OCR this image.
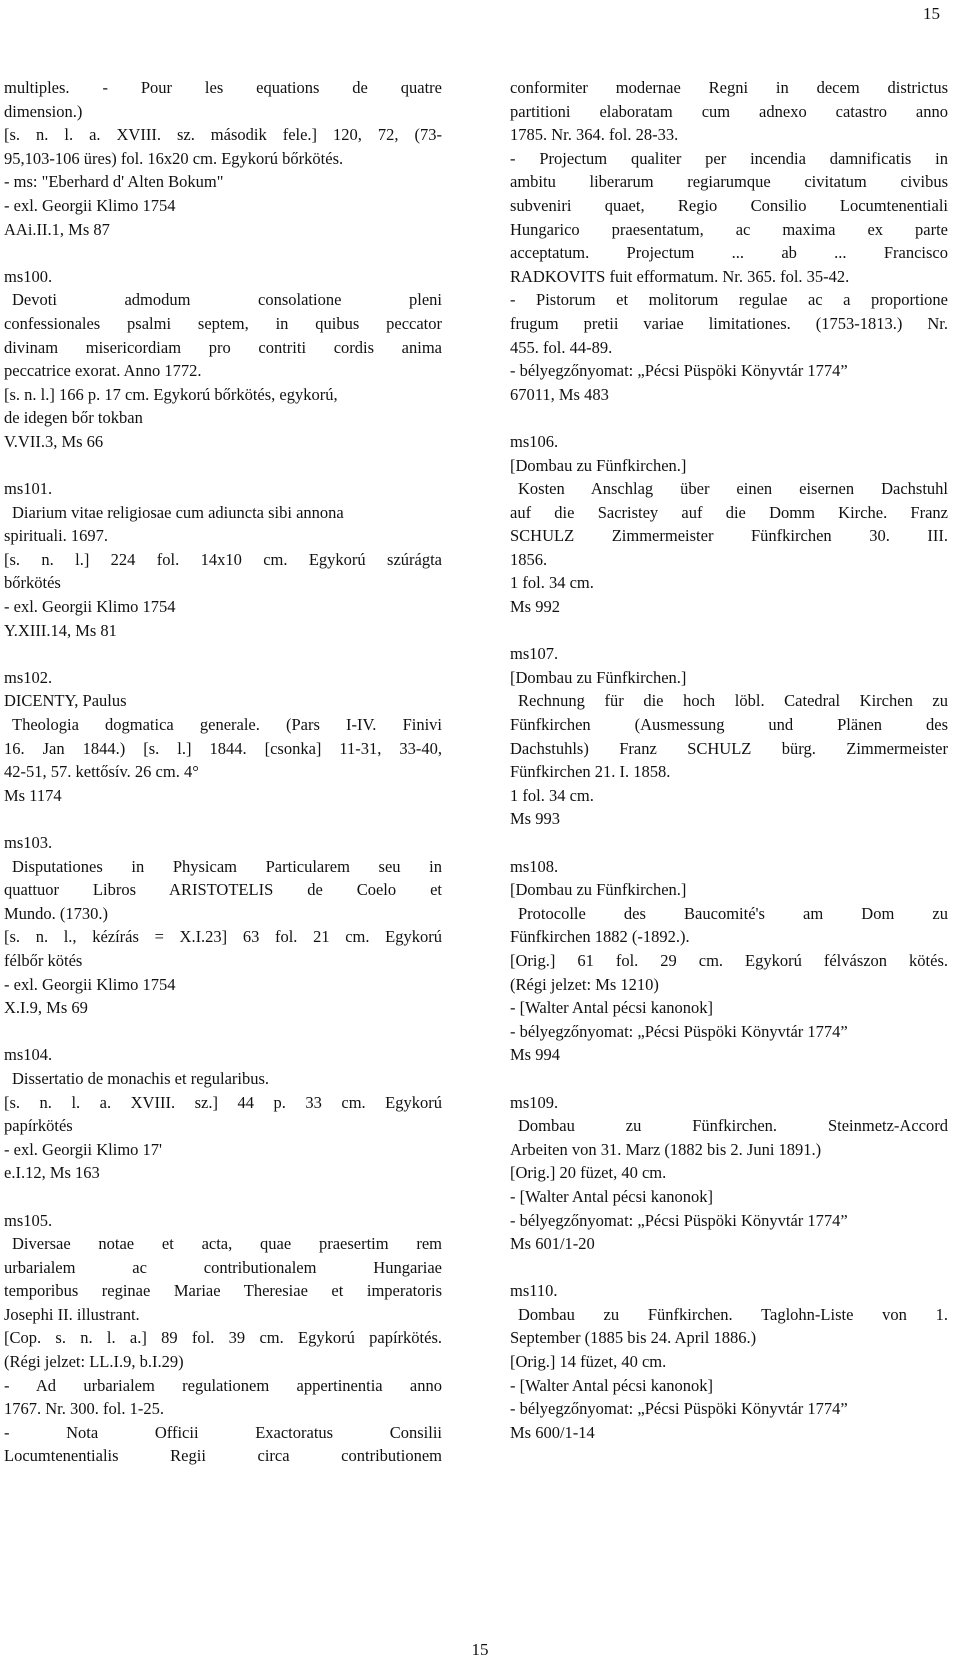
15
multiples. - Pour les equations de quatre
dimension.)
[s. n. l. a. XVIII. sz. második fele.] 120, 72, (73-
95,103-106 üres) fol. 16x20 cm. Egykorú bőrkötés.
- ms: "Eberhard d' Alten Bokum"
- exl. Georgii Klimo 1754
AAi.II.1, Ms 87
ms100.
Devoti admodum consolatione pleni
confessionales psalmi septem, in quibus peccator
divinam misericordiam pro contriti cordis anima
peccatrice exorat. Anno 1772.
[s. n. l.] 166 p. 17 cm. Egykorú bőrkötés, egykorú,
de idegen bőr tokban
V.VII.3, Ms 66
ms101.
Diarium vitae religiosae cum adiuncta sibi annona
spirituali. 1697.
[s. n. l.] 224 fol. 14x10 cm. Egykorú szúrágta
bőrkötés
- exl. Georgii Klimo 1754
Y.XIII.14, Ms 81
ms102.
DICENTY, Paulus
Theologia dogmatica generale. (Pars I-IV. Finivi
16. Jan 1844.) [s. l.] 1844. [csonka] 11-31, 33-40,
42-51, 57. kettősív. 26 cm. 4°
Ms 1174
ms103.
Disputationes in Physicam Particularem seu in
quattuor Libros ARISTOTELIS de Coelo et
Mundo. (1730.)
[s. n. l., kézírás = X.I.23] 63 fol. 21 cm. Egykorú
félbőr kötés
- exl. Georgii Klimo 1754
X.I.9, Ms 69
ms104.
Dissertatio de monachis et regularibus.
[s. n. l. a. XVIII. sz.] 44 p. 33 cm. Egykorú
papírkötés
- exl. Georgii Klimo 17'
e.I.12, Ms 163
ms105.
Diversae notae et acta, quae praesertim rem
urbarialem ac contributionalem Hungariae
temporibus reginae Mariae Theresiae et imperatoris
Josephi II. illustrant.
[Cop. s. n. l. a.] 89 fol. 39 cm. Egykorú papírkötés.
(Régi jelzet: LL.I.9, b.I.29)
- Ad urbarialem regulationem appertinentia anno
1767. Nr. 300. fol. 1-25.
- Nota Officii Exactoratus Consilii
Locumtenentialis Regii circa contributionem
conformiter modernae Regni in decem districtus
partitioni elaboratam cum adnexo catastro anno
1785. Nr. 364. fol. 28-33.
- Projectum qualiter per incendia damnificatis in
ambitu liberarum regiarumque civitatum civibus
subveniri quaet, Regio Consilio Locumtenentiali
Hungarico praesentatum, ac maxima ex parte
acceptatum. Projectum ... ab ... Francisco
RADKOVITS fuit efformatum. Nr. 365. fol. 35-42.
- Pistorum et molitorum regulae ac a proportione
frugum pretii variae limitationes. (1753-1813.) Nr.
455. fol. 44-89.
- bélyegzőnyomat: „Pécsi Püspöki Könyvtár 1774”
67011, Ms 483
ms106.
[Dombau zu Fünfkirchen.]
Kosten Anschlag über einen eisernen Dachstuhl
auf die Sacristey auf die Domm Kirche. Franz
SCHULZ Zimmermeister Fünfkirchen 30. III.
1856.
1 fol. 34 cm.
Ms 992
ms107.
[Dombau zu Fünfkirchen.]
Rechnung für die hoch löbl. Catedral Kirchen zu
Fünfkirchen (Ausmessung und Plänen des
Dachstuhls) Franz SCHULZ bürg. Zimmermeister
Fünfkirchen 21. I. 1858.
1 fol. 34 cm.
Ms 993
ms108.
[Dombau zu Fünfkirchen.]
Protocolle des Baucomité's am Dom zu
Fünfkirchen 1882 (-1892.).
[Orig.] 61 fol. 29 cm. Egykorú félvászon kötés.
(Régi jelzet: Ms 1210)
- [Walter Antal pécsi kanonok]
- bélyegzőnyomat: „Pécsi Püspöki Könyvtár 1774”
Ms 994
ms109.
Dombau zu Fünfkirchen. Steinmetz-Accord
Arbeiten von 31. Marz (1882 bis 2. Juni 1891.)
[Orig.] 20 füzet, 40 cm.
- [Walter Antal pécsi kanonok]
- bélyegzőnyomat: „Pécsi Püspöki Könyvtár 1774”
Ms 601/1-20
ms110.
Dombau zu Fünfkirchen. Taglohn-Liste von 1.
September (1885 bis 24. April 1886.)
[Orig.] 14 füzet, 40 cm.
- [Walter Antal pécsi kanonok]
- bélyegzőnyomat: „Pécsi Püspöki Könyvtár 1774”
Ms 600/1-14
15
